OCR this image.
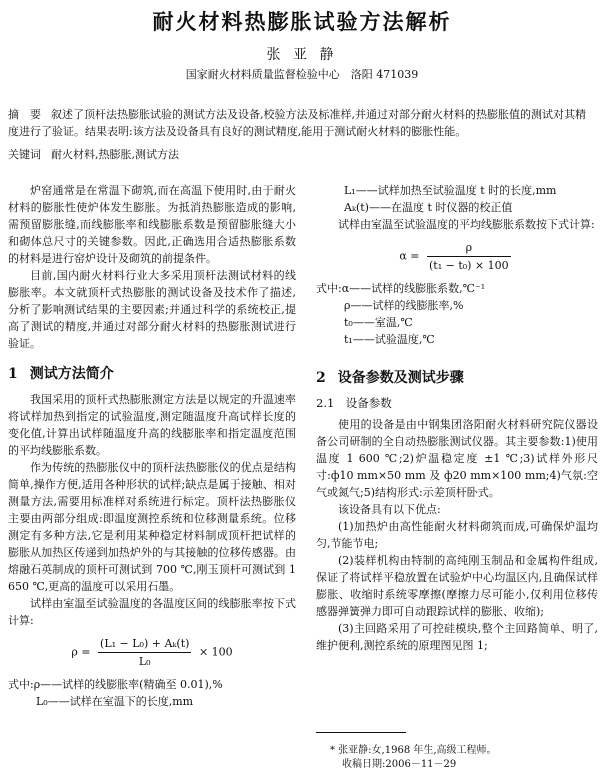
耐火材料热膨胀试验方法解析
张 亚 静
国家耐火材料质量监督检验中心　洛阳 471039
摘　要 叙述了顶杆法热膨胀试验的测试方法及设备,校验方法及标准样,并通过对部分耐火材料的热膨胀值的测试对其精度进行了验证。结果表明:该方法及设备具有良好的测试精度,能用于测试耐火材料的膨胀性能。
关键词 耐火材料,热膨胀,测试方法

炉窑通常是在常温下砌筑,而在高温下使用时,由于耐火材料的膨胀性使炉体发生膨胀。为抵消热膨胀造成的影响,需预留膨胀缝,而线膨胀率和线膨胀系数是预留膨胀缝大小和砌体总尺寸的关键参数。因此,正确选用合适热膨胀系数的材料是进行窑炉设计及砌筑的前提条件。

目前,国内耐火材料行业大多采用顶杆法测试材料的线膨胀率。本文就顶杆式热膨胀的测试设备及技术作了描述,分析了影响测试结果的主要因素;并通过科学的系统校正,提高了测试的精度,并通过对部分耐火材料的热膨胀测试进行验证。

1 测试方法简介

我国采用的顶杆式热膨胀测定方法是以规定的升温速率将试样加热到指定的试验温度,测定随温度升高试样长度的变化值,计算出试样随温度升高的线膨胀率和指定温度范围的平均线膨胀系数。

作为传统的热膨胀仪中的顶杆法热膨胀仪的优点是结构简单,操作方便,适用各种形状的试样;缺点是属于接触、相对测量方法,需要用标准样对系统进行标定。顶杆法热膨胀仪主要由两部分组成:即温度测控系统和位移测量系统。位移测定有多种方法,它是利用某种稳定材料制成顶杆把试样的膨胀从加热区传递到加热炉外的与其接触的位移传感器。由熔融石英制成的顶杆可测试到 700 ℃,刚玉顶杆可测试到 1 650 ℃,更高的温度可以采用石墨。

试样由室温至试验温度的各温度区间的线膨胀率按下式计算:

$\rho = \frac{\text{(L₁ − L₀) + Aₖ(t)}}{\text{L₀}} \times 100$

式中:ρ——试样的线膨胀率(精确至 0.01),%

L₀——试样在室温下的长度,mm

L₁——试样加热至试验温度 t 时的长度,mm

Aₖ(t)——在温度 t 时仪器的校正值

试样由室温至试验温度的平均线膨胀系数按下式计算:

$\alpha = \frac{\rho}{\text{(t₁ − t₀) × 100}}$

式中:α——试样的线膨胀系数,℃⁻¹

ρ——试样的线膨胀率,%

t₀——室温,℃

t₁——试验温度,℃

2 设备参数及测试步骤
2.1　设备参数

使用的设备是由中钢集团洛阳耐火材料研究院仪器设备公司研制的全自动热膨胀测试仪器。其主要参数:1)使用温度 1 600 ℃;2)炉温稳定度 ±1 ℃;3)试样外形尺寸:ф10 mm×50 mm 及 ф20 mm×100 mm;4)气氛:空气或氮气;5)结构形式:示差顶杆卧式。

该设备具有以下优点:

(1)加热炉由高性能耐火材料砌筑而成,可确保炉温均匀,节能节电;

(2)装样机构由特制的高纯刚玉制品和金属构件组成,保证了将试样平稳放置在试验炉中心均温区内,且确保试样膨胀、收缩时系统零摩擦(摩擦力尽可能小,仅利用位移传感器弹簧弹力即可自动跟踪试样的膨胀、收缩);

(3)主回路采用了可控硅模块,整个主回路简单、明了,维护便利,测控系统的原理图见图 1;

* 张亚静:女,1968 年生,高级工程师。
收稿日期:2006－11－29
